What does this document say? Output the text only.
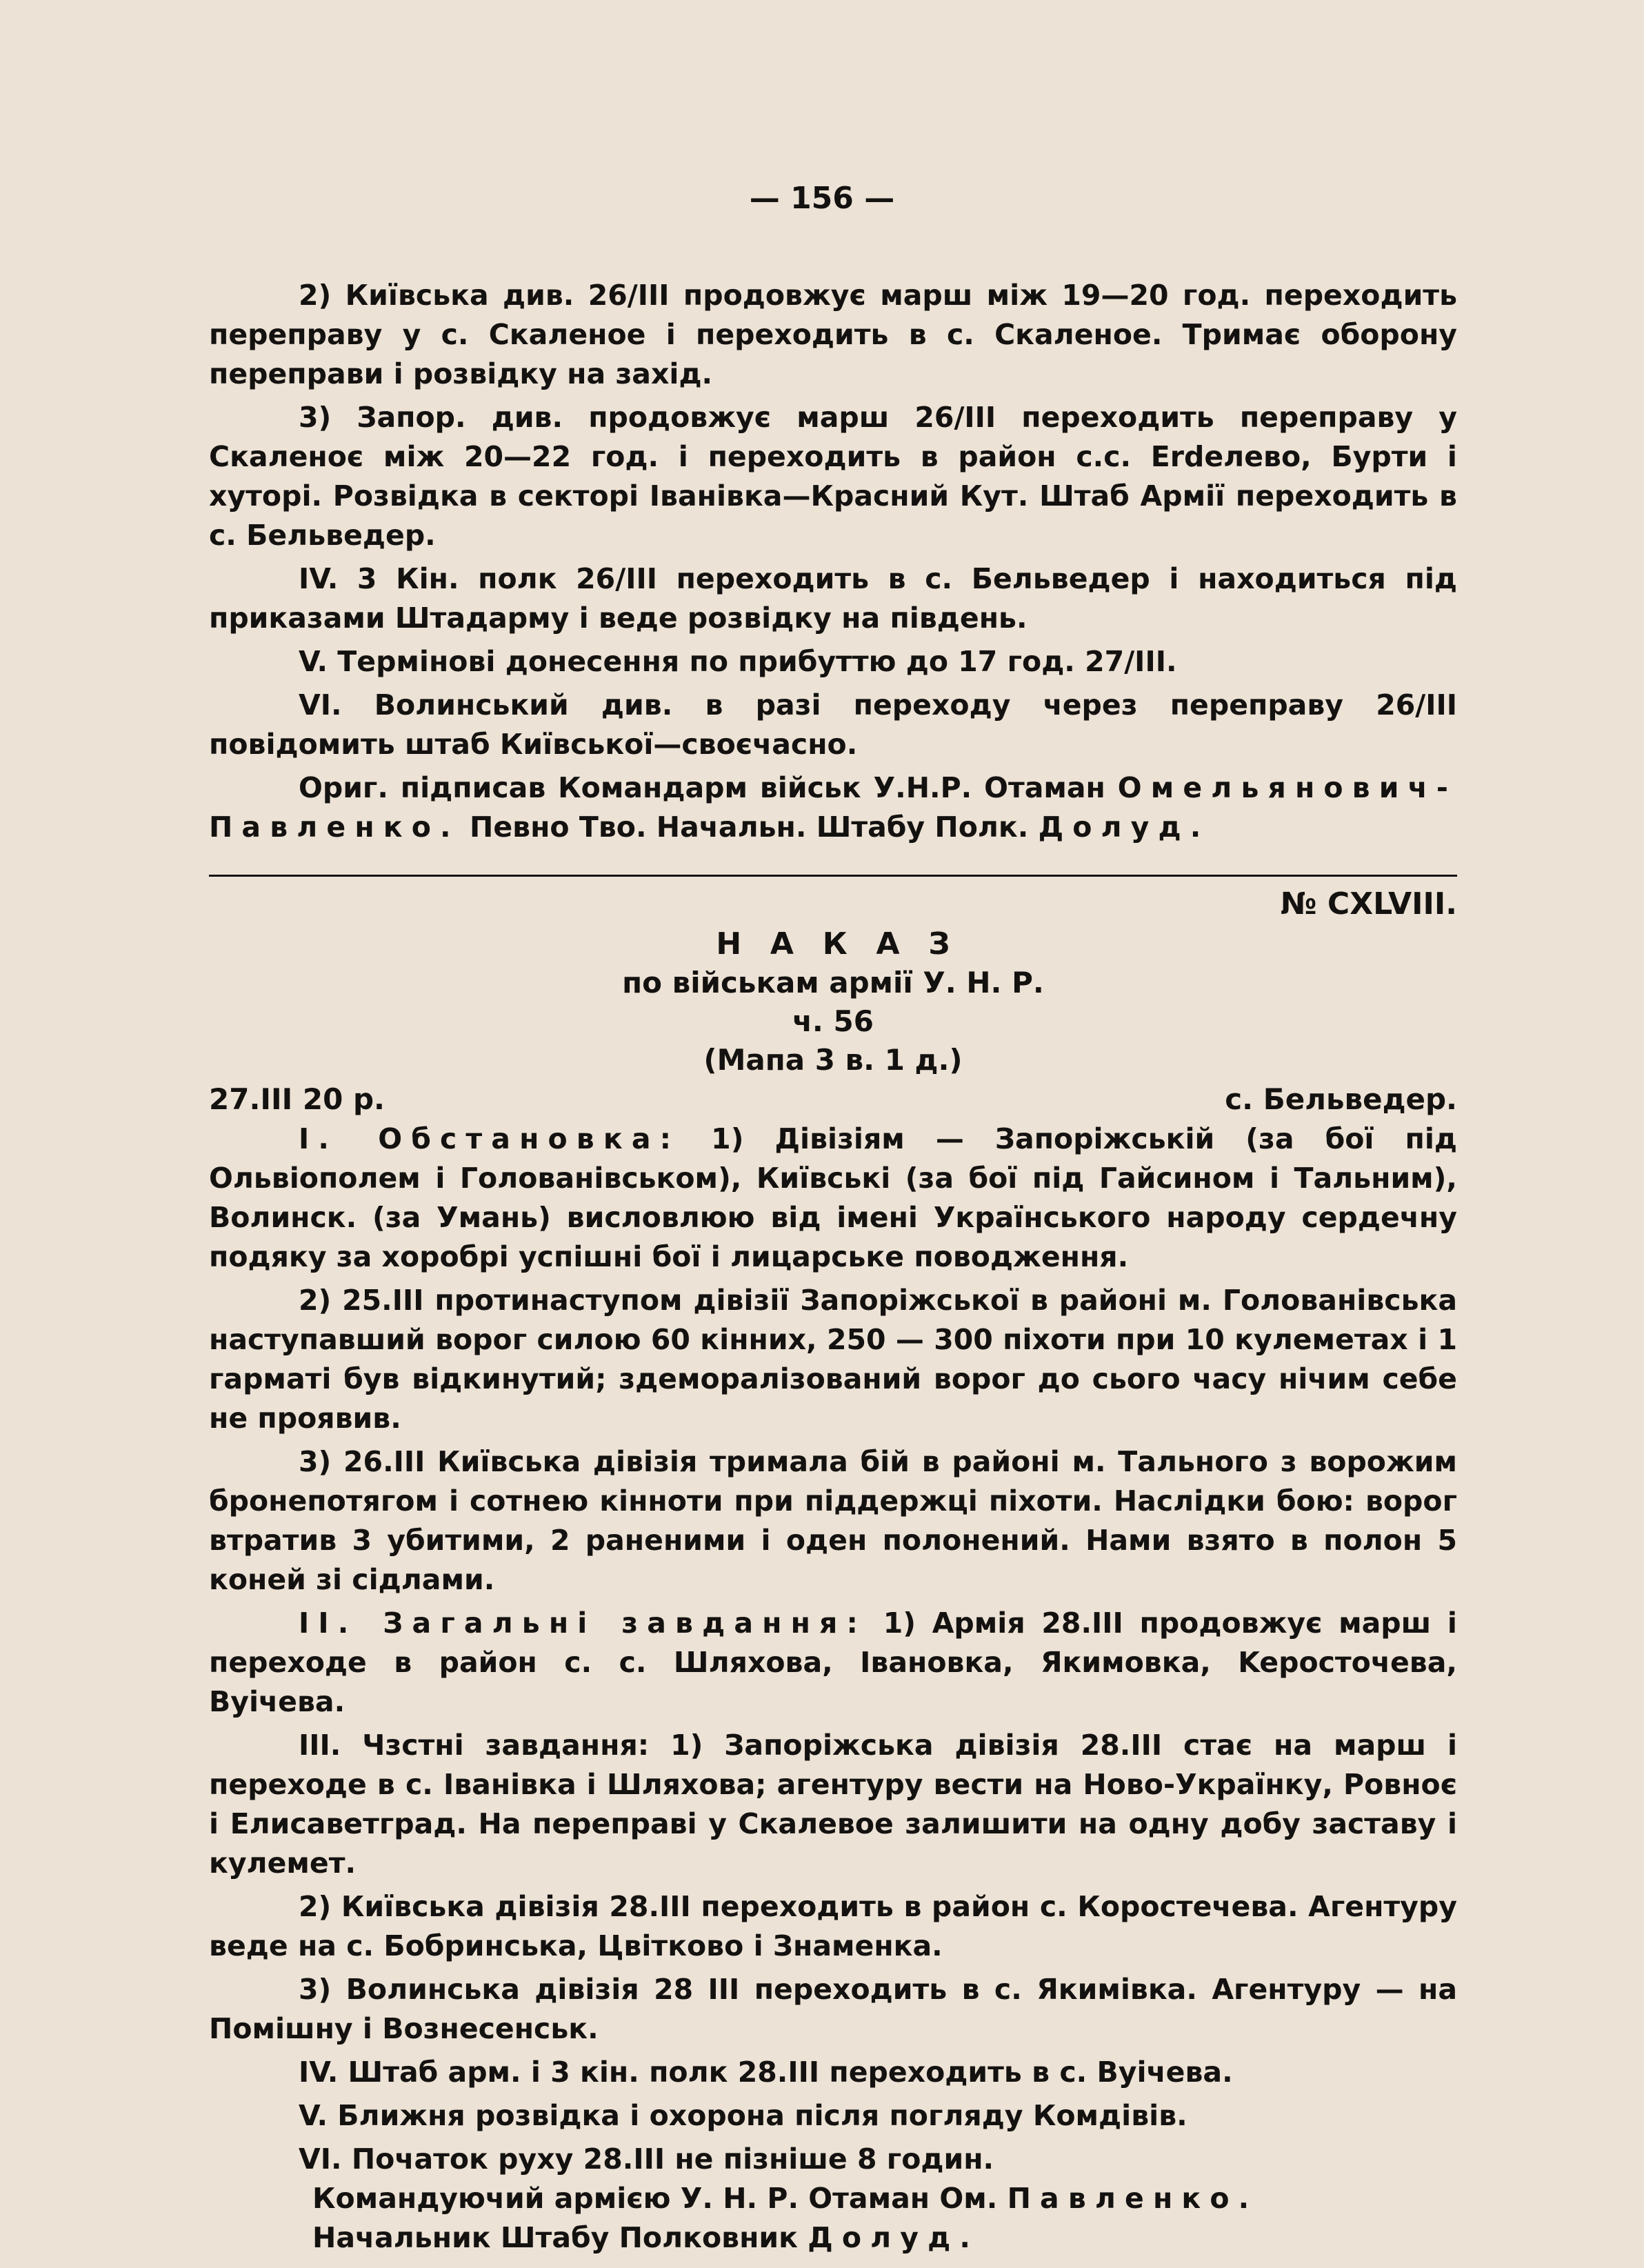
— 156 —

2) Київська див. 26/III продовжує марш між 19—20 год. переходить переправу у с. Скаленое і переходить в с. Скаленое. Тримає оборону переправи і розвідку на захід.

3) Запор. див. продовжує марш 26/III переходить переправу у Скаленоє між 20—22 год. і переходить в район с.с. Erdелево, Бурти і хуторі. Розвідка в секторі Іванівка—Красний Кут. Штаб Армії переходить в с. Бельведер.

IV. 3 Кін. полк 26/III переходить в с. Бельведер і находиться під приказами Штадарму і веде розвідку на південь.

V. Термінові донесення по прибуттю до 17 год. 27/III.

VI. Волинський див. в разі переходу через переправу 26/III повідомить штаб Київської—своєчасно.

Ориг. підписав Командарм військ У.Н.Р. Отаман Омельянович-Павленко. Певно Тво. Начальн. Штабу Полк. Долуд.

№ CXLVIII.
НАКАЗ
по військам армії У. Н. Р.
ч. 56
(Мапа 3 в. 1 д.)
27.III 20 р.	с. Бельведер.

I. Обстановка: 1) Дівізіям — Запоріжській (за бої під Ольвіополем і Голованівськом), Київські (за бої під Гайсином і Тальним), Волинск. (за Умань) висловлюю від імені Українського народу сердечну подяку за хоробрі успішні бої і лицарське поводження.

2) 25.III протинаступом дівізії Запоріжської в районі м. Голованівська наступавший ворог силою 60 кінних, 250 — 300 піхоти при 10 кулеметах і 1 гарматі був відкинутий; здеморалізований ворог до сього часу нічим себе не проявив.

3) 26.III Київська дівізія тримала бій в районі м. Тального з ворожим бронепотягом і сотнею кінноти при піддержці піхоти. Наслідки бою: ворог втратив 3 убитими, 2 раненими і оден полонений. Нами взято в полон 5 коней зі сідлами.

II. Загальні завдання: 1) Армія 28.III продовжує марш і переходе в район с. с. Шляхова, Івановка, Якимовка, Keросточева, Вуічева.

III. Чзстні завдання: 1) Запоріжська дівізія 28.III стає на марш і переходе в с. Іванівка і Шляхова; агентуру вести на Ново-Українку, Ровноє і Елисаветград. На переправі у Скалевое залишити на одну добу заставу і кулемет.

2) Київська дівізія 28.III переходить в район с. Коростечева. Агентуру веде на с. Бобринська, Цвітково і Знаменка.

3) Волинська дівізія 28 III переходить в с. Якимівка. Агентуру — на Помішну і Вознесенськ.

IV. Штаб арм. і 3 кін. полк 28.III переходить в с. Вуічева.

V. Ближня розвідка і охорона після погляду Комдівів.

VI. Початок руху 28.III не пізніше 8 годин.

Командуючий армією У. Н. Р. Отаман Ом. Павленко.
Начальник Штабу Полковник Долуд.
